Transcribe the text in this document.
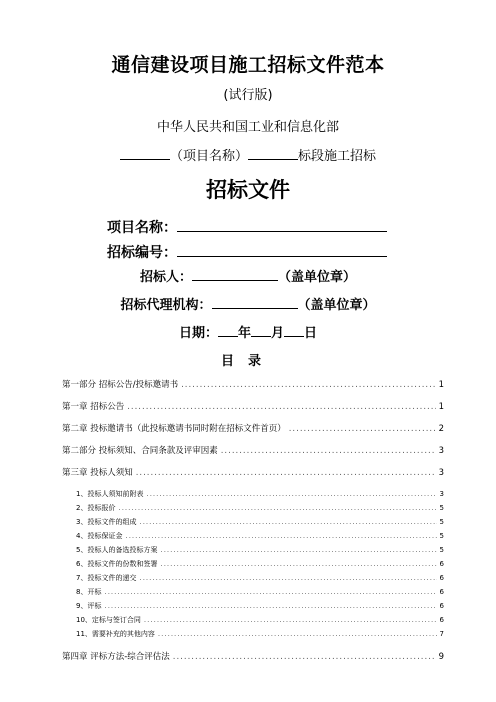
通信建设项目施工招标文件范本
(试行版)
中华人民共和国工业和信息化部
（项目名称）	标段施工招标
招标文件
项目名称：
招标编号：
招标人：	（盖单位章）
招标代理机构：	（盖单位章）
日期： 年 月 日
目录
第一部分 招标公告/投标邀请书 .....	1
第一章 招标公告 .....	1
第二章 投标邀请书（此投标邀请书同时附在招标文件首页） .....	2
第二部分 投标须知、合同条款及评审因素 .....	3
第三章 投标人须知 .....	3
1、投标人须知前附表 .....	3
2、投标报价 .....	5
3、投标文件的组成 .....	5
4、投标保证金 .....	5
5、投标人的备选投标方案 .....	5
6、投标文件的份数和签署 .....	6
7、投标文件的递交 .....	6
8、开标 .....	6
9、评标 .....	6
10、定标与签订合同 .....	6
11、需要补充的其他内容 .....	7
第四章 评标方法-综合评估法 .....	9
